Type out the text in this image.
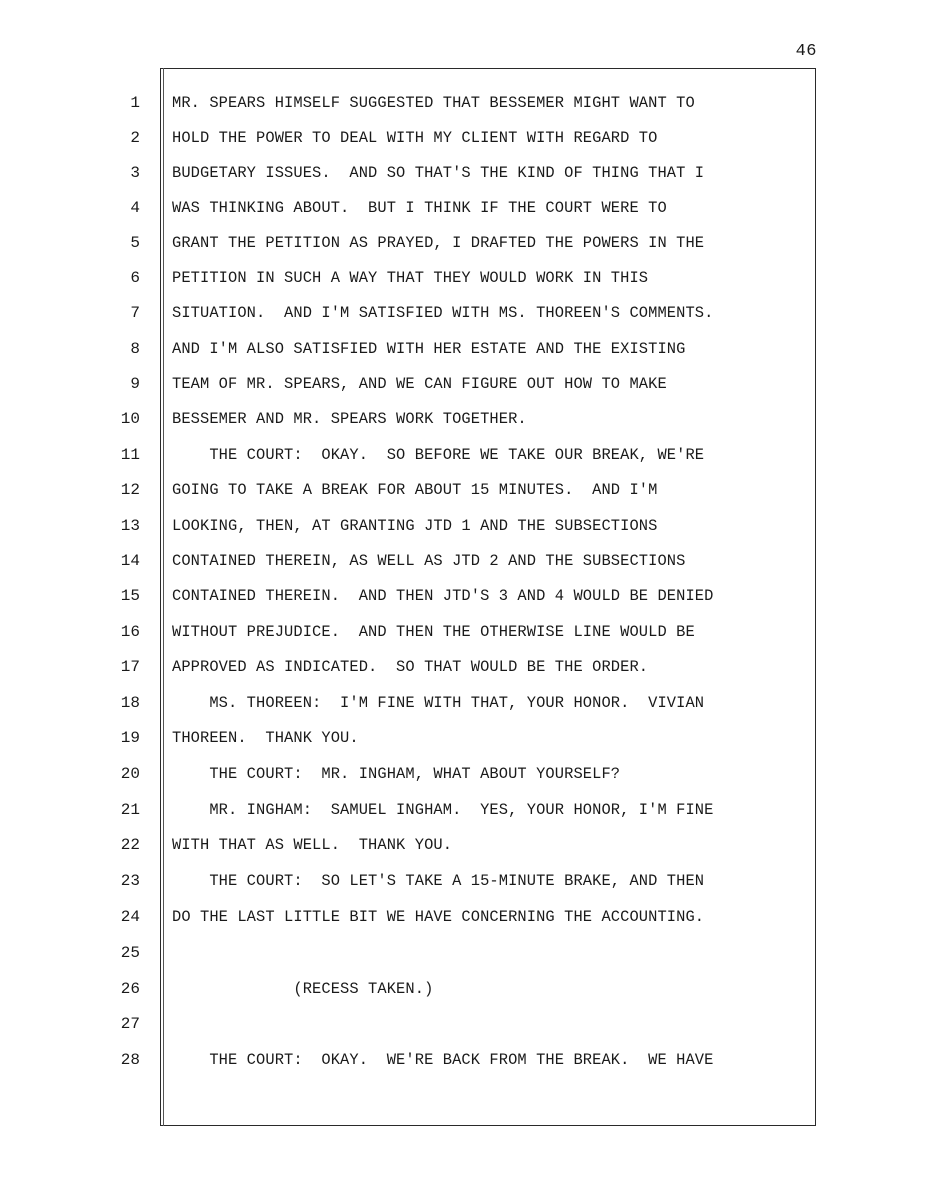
46
1 MR. SPEARS HIMSELF SUGGESTED THAT BESSEMER MIGHT WANT TO
2 HOLD THE POWER TO DEAL WITH MY CLIENT WITH REGARD TO
3 BUDGETARY ISSUES.  AND SO THAT'S THE KIND OF THING THAT I
4 WAS THINKING ABOUT.  BUT I THINK IF THE COURT WERE TO
5 GRANT THE PETITION AS PRAYED, I DRAFTED THE POWERS IN THE
6 PETITION IN SUCH A WAY THAT THEY WOULD WORK IN THIS
7 SITUATION.  AND I'M SATISFIED WITH MS. THOREEN'S COMMENTS.
8 AND I'M ALSO SATISFIED WITH HER ESTATE AND THE EXISTING
9 TEAM OF MR. SPEARS, AND WE CAN FIGURE OUT HOW TO MAKE
10 BESSEMER AND MR. SPEARS WORK TOGETHER.
11 THE COURT:  OKAY.  SO BEFORE WE TAKE OUR BREAK, WE'RE
12 GOING TO TAKE A BREAK FOR ABOUT 15 MINUTES.  AND I'M
13 LOOKING, THEN, AT GRANTING JTD 1 AND THE SUBSECTIONS
14 CONTAINED THEREIN, AS WELL AS JTD 2 AND THE SUBSECTIONS
15 CONTAINED THEREIN.  AND THEN JTD'S 3 AND 4 WOULD BE DENIED
16 WITHOUT PREJUDICE.  AND THEN THE OTHERWISE LINE WOULD BE
17 APPROVED AS INDICATED.  SO THAT WOULD BE THE ORDER.
18 MS. THOREEN:  I'M FINE WITH THAT, YOUR HONOR.  VIVIAN
19 THOREEN.  THANK YOU.
20 THE COURT:  MR. INGHAM, WHAT ABOUT YOURSELF?
21 MR. INGHAM:  SAMUEL INGHAM.  YES, YOUR HONOR, I'M FINE
22 WITH THAT AS WELL.  THANK YOU.
23 THE COURT:  SO LET'S TAKE A 15-MINUTE BRAKE, AND THEN
24 DO THE LAST LITTLE BIT WE HAVE CONCERNING THE ACCOUNTING.
25
26 (RECESS TAKEN.)
27
28 THE COURT:  OKAY.  WE'RE BACK FROM THE BREAK.  WE HAVE
